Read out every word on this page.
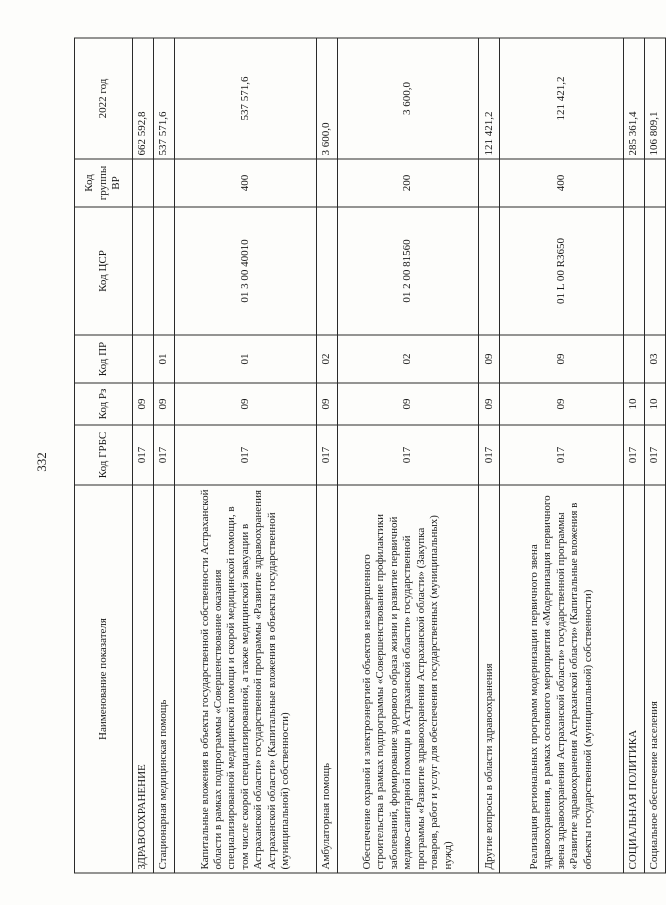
332
Наименование показателя	Код ГРБС	Код Рз	Код ПР	Код ЦСР	Код группы ВР	2022 год
ЗДРАВООХРАНЕНИЕ	017	09				662 592,8
Стационарная медицинская помощь	017	09	01			537 571,6
Капитальные вложения в объекты государственной собственности Астраханской области в рамках подпрограммы «Совершенствование оказания специализированной медицинской помощи и скорой медицинской помощи, в том числе скорой специализированной, а также медицинской эвакуации в Астраханской области» государственной программы «Развитие здравоохранения Астраханской области» (Капитальные вложения в объекты государственной (муниципальной) собственности)	017	09	01	01 3 00 40010	400	537 571,6
Амбулаторная помощь	017	09	02			3 600,0
Обеспечение охраной и электроэнергией объектов незавершенного строительства в рамках подпрограммы «Совершенствование профилактики заболеваний, формирование здорового образа жизни и развитие первичной медико-санитарной помощи в Астраханской области» государственной программы «Развитие здравоохранения Астраханской области» (Закупка товаров, работ и услуг для обеспечения государственных (муниципальных) нужд)	017	09	02	01 2 00 81560	200	3 600,0
Другие вопросы в области здравоохранения	017	09	09			121 421,2
Реализация региональных программ модернизации первичного звена здравоохранения, в рамках основного мероприятия «Модернизация первичного звена здравоохранения Астраханской области» государственной программы «Развитие здравоохранения Астраханской области» (Капитальные вложения в объекты государственной (муниципальной) собственности)	017	09	09	01 L 00 R3650	400	121 421,2
СОЦИАЛЬНАЯ ПОЛИТИКА	017	10				285 361,4
Социальное обеспечение населения	017	10	03			106 809,1
